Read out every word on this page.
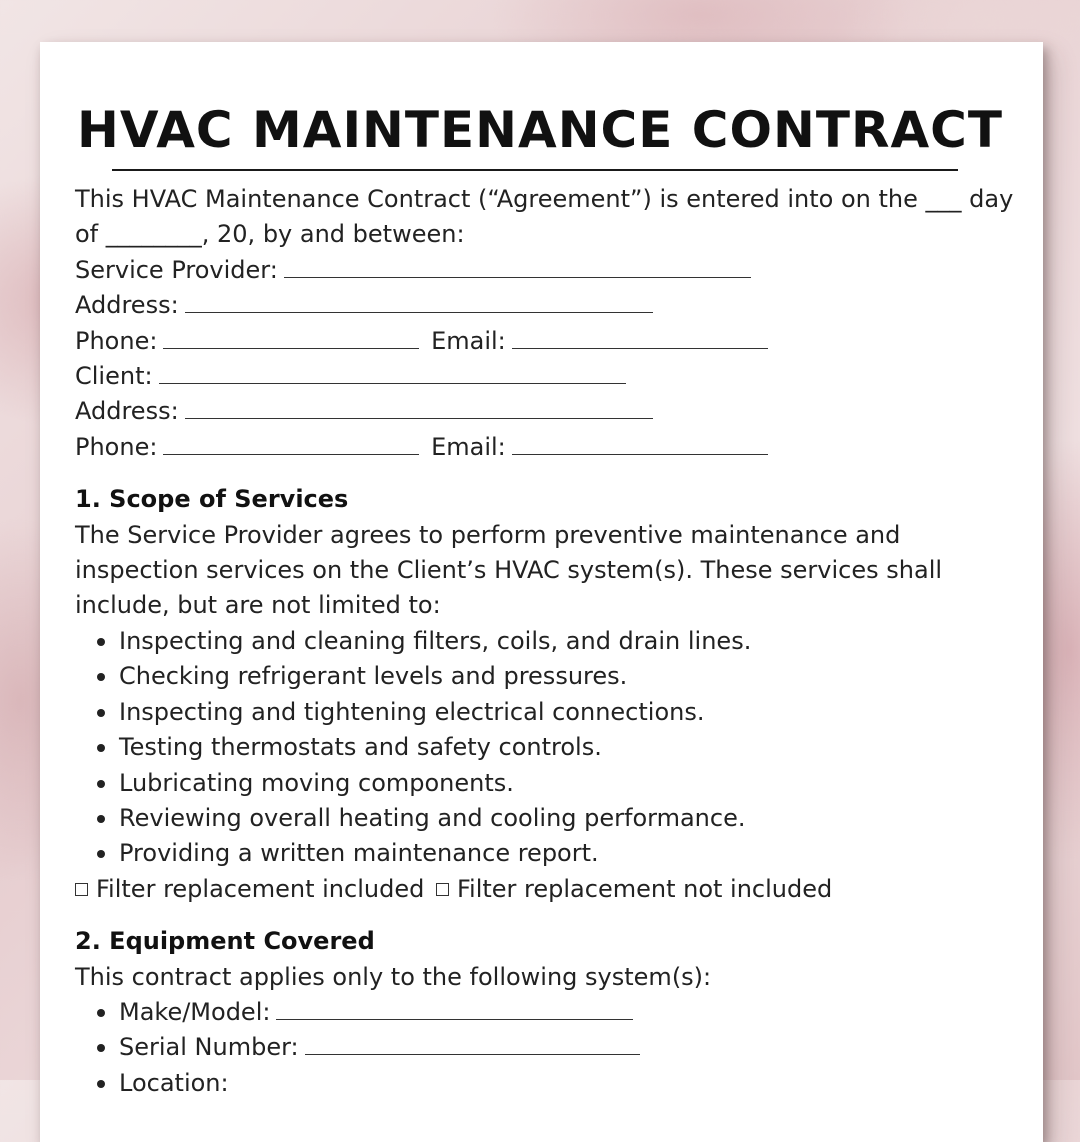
HVAC MAINTENANCE CONTRACT
This HVAC Maintenance Contract (“Agreement”) is entered into on the ___ day
of ________, 20, by and between:
Service Provider:
Address:
Phone:	Email:
Client:
Address:
Phone:	Email:
1. Scope of Services
The Service Provider agrees to perform preventive maintenance and
inspection services on the Client’s HVAC system(s). These services shall
include, but are not limited to:
Inspecting and cleaning filters, coils, and drain lines.
Checking refrigerant levels and pressures.
Inspecting and tightening electrical connections.
Testing thermostats and safety controls.
Lubricating moving components.
Reviewing overall heating and cooling performance.
Providing a written maintenance report.
Filter replacement included Filter replacement not included
2. Equipment Covered
This contract applies only to the following system(s):
Make/Model:
Serial Number:
Location:
